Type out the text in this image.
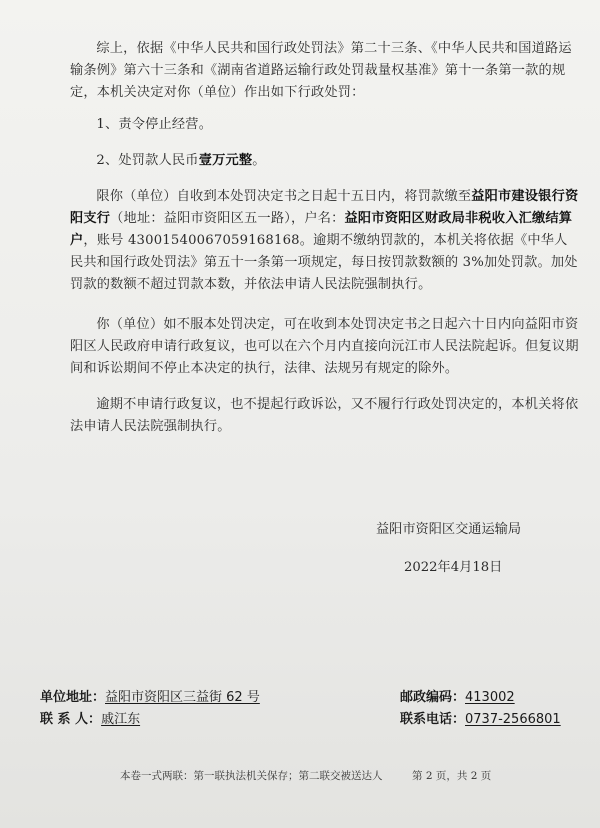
综上，依据《中华人民共和国行政处罚法》第二十三条、《中华人民共和国道路运输条例》第六十三条和《湖南省道路运输行政处罚裁量权基准》第十一条第一款的规定，本机关决定对你（单位）作出如下行政处罚：

1、责令停止经营。

2、处罚款人民币壹万元整。

限你（单位）自收到本处罚决定书之日起十五日内，将罚款缴至益阳市建设银行资阳支行（地址：益阳市资阳区五一路），户名：益阳市资阳区财政局非税收入汇缴结算户，账号 43001540067059168168。逾期不缴纳罚款的，本机关将依据《中华人民共和国行政处罚法》第五十一条第一项规定，每日按罚款数额的 3%加处罚款。加处罚款的数额不超过罚款本数，并依法申请人民法院强制执行。

你（单位）如不服本处罚决定，可在收到本处罚决定书之日起六十日内向益阳市资阳区人民政府申请行政复议，也可以在六个月内直接向沅江市人民法院起诉。但复议期间和诉讼期间不停止本决定的执行，法律、法规另有规定的除外。

逾期不申请行政复议，也不提起行政诉讼，又不履行行政处罚决定的，本机关将依法申请人民法院强制执行。

益阳市资阳区交通运输局
2022年4月18日
单位地址：益阳市资阳区三益街 62 号	邮政编码：413002
联 系 人：戚江东	联系电话：0737-2566801
本卷一式两联：第一联执法机关保存；第二联交被送达人	第 2 页，共 2 页
